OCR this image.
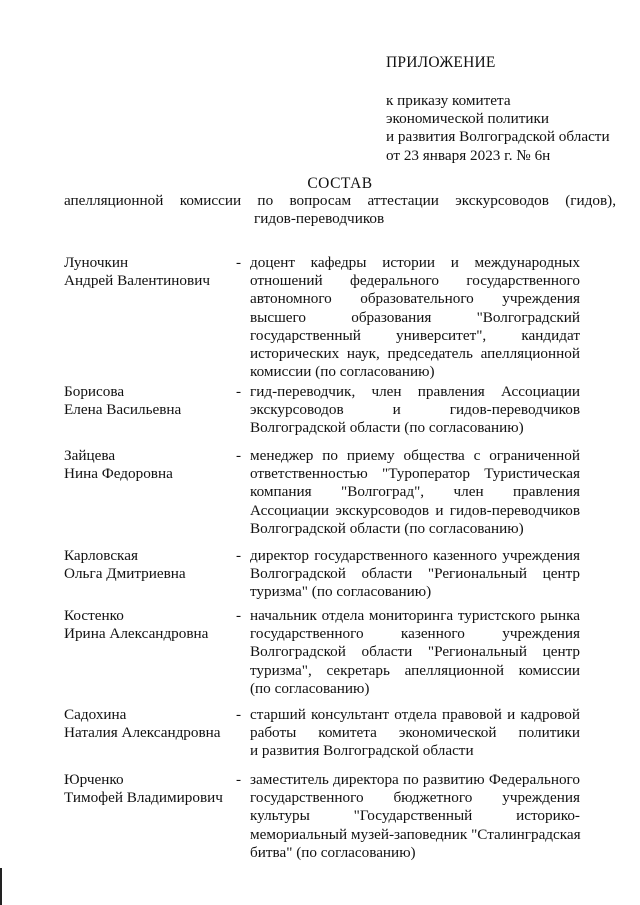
ПРИЛОЖЕНИЕ
к приказу комитета
экономической политики
и развития Волгоградской области
от 23 января 2023 г. № 6н
СОСТАВ
апелляционной комиссии по вопросам аттестации экскурсоводов (гидов),
гидов-переводчиков
Луночкин
Андрей Валентинович
- доцент кафедры истории и международных
отношений федерального государственного
автономного образовательного учреждения
высшего образования "Волгоградский
государственный университет", кандидат
исторических наук, председатель апелляционной
комиссии (по согласованию)
Борисова
Елена Васильевна
- гид-переводчик, член правления Ассоциации
экскурсоводов и гидов-переводчиков
Волгоградской области (по согласованию)
Зайцева
Нина Федоровна
- менеджер по приему общества с ограниченной
ответственностью "Туроператор Туристическая
компания "Волгоград", член правления
Ассоциации экскурсоводов и гидов-переводчиков
Волгоградской области (по согласованию)
Карловская
Ольга Дмитриевна
- директор государственного казенного учреждения
Волгоградской области "Региональный центр
туризма" (по согласованию)
Костенко
Ирина Александровна
- начальник отдела мониторинга туристского рынка
государственного казенного учреждения
Волгоградской области "Региональный центр
туризма", секретарь апелляционной комиссии
(по согласованию)
Садохина
Наталия Александровна
- старший консультант отдела правовой и кадровой
работы комитета экономической политики
и развития Волгоградской области
Юрченко
Тимофей Владимирович
- заместитель директора по развитию Федерального
государственного бюджетного учреждения
культуры "Государственный историко-
мемориальный музей-заповедник "Сталинградская
битва" (по согласованию)
